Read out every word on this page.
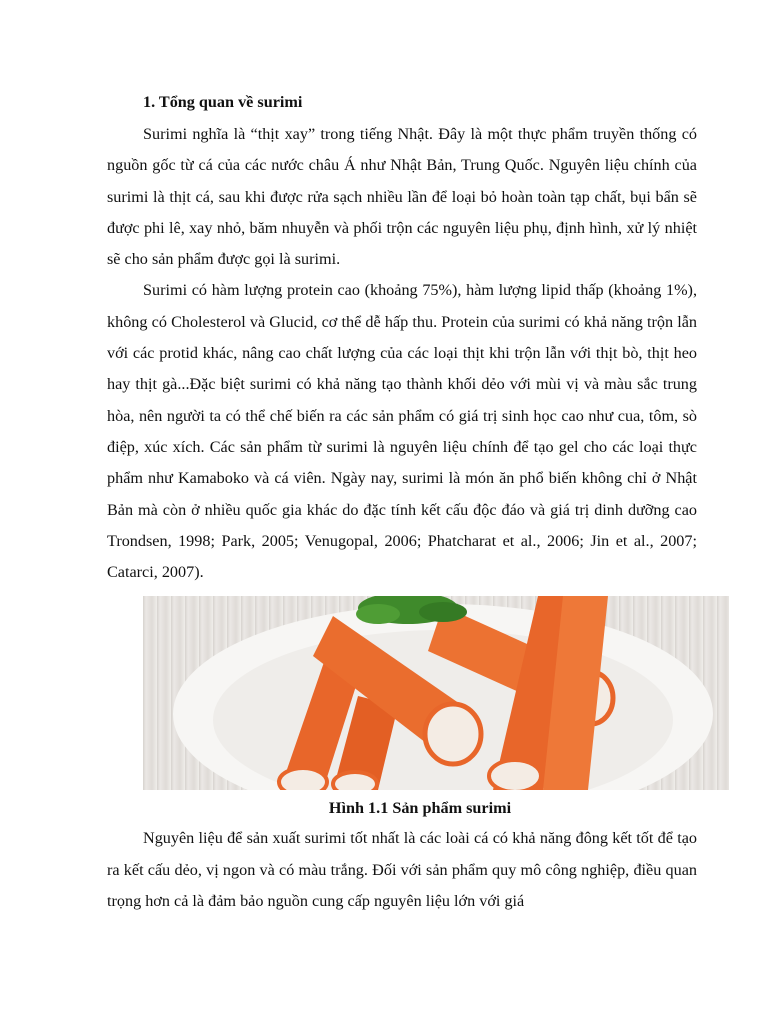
1. Tổng quan về surimi

Surimi nghĩa là “thịt xay” trong tiếng Nhật. Đây là một thực phẩm truyền thống có nguồn gốc từ cá của các nước châu Á như Nhật Bản, Trung Quốc. Nguyên liệu chính của surimi là thịt cá, sau khi được rửa sạch nhiều lần để loại bỏ hoàn toàn tạp chất, bụi bẩn sẽ được phi lê, xay nhỏ, băm nhuyễn và phối trộn các nguyên liệu phụ, định hình, xử lý nhiệt sẽ cho sản phẩm được gọi là surimi.

Surimi có hàm lượng protein cao (khoảng 75%), hàm lượng lipid thấp (khoảng 1%), không có Cholesterol và Glucid, cơ thể dễ hấp thu. Protein của surimi có khả năng trộn lẫn với các protid khác, nâng cao chất lượng của các loại thịt khi trộn lẫn với thịt bò, thịt heo hay thịt gà...Đặc biệt surimi có khả năng tạo thành khối dẻo với mùi vị và màu sắc trung hòa, nên người ta có thể chế biến ra các sản phẩm có giá trị sinh học cao như cua, tôm, sò điệp, xúc xích. Các sản phẩm từ surimi là nguyên liệu chính để tạo gel cho các loại thực phẩm như Kamaboko và cá viên. Ngày nay, surimi là món ăn phổ biến không chỉ ở Nhật Bản mà còn ở nhiều quốc gia khác do đặc tính kết cấu độc đáo và giá trị dinh dưỡng cao Trondsen, 1998; Park, 2005; Venugopal, 2006; Phatcharat et al., 2006; Jin et al., 2007; Catarci, 2007).

Hình 1.1 Sản phẩm surimi

Nguyên liệu để sản xuất surimi tốt nhất là các loài cá có khả năng đông kết tốt để tạo ra kết cấu dẻo, vị ngon và có màu trắng. Đối với sản phẩm quy mô công nghiệp, điều quan trọng hơn cả là đảm bảo nguồn cung cấp nguyên liệu lớn với giá
